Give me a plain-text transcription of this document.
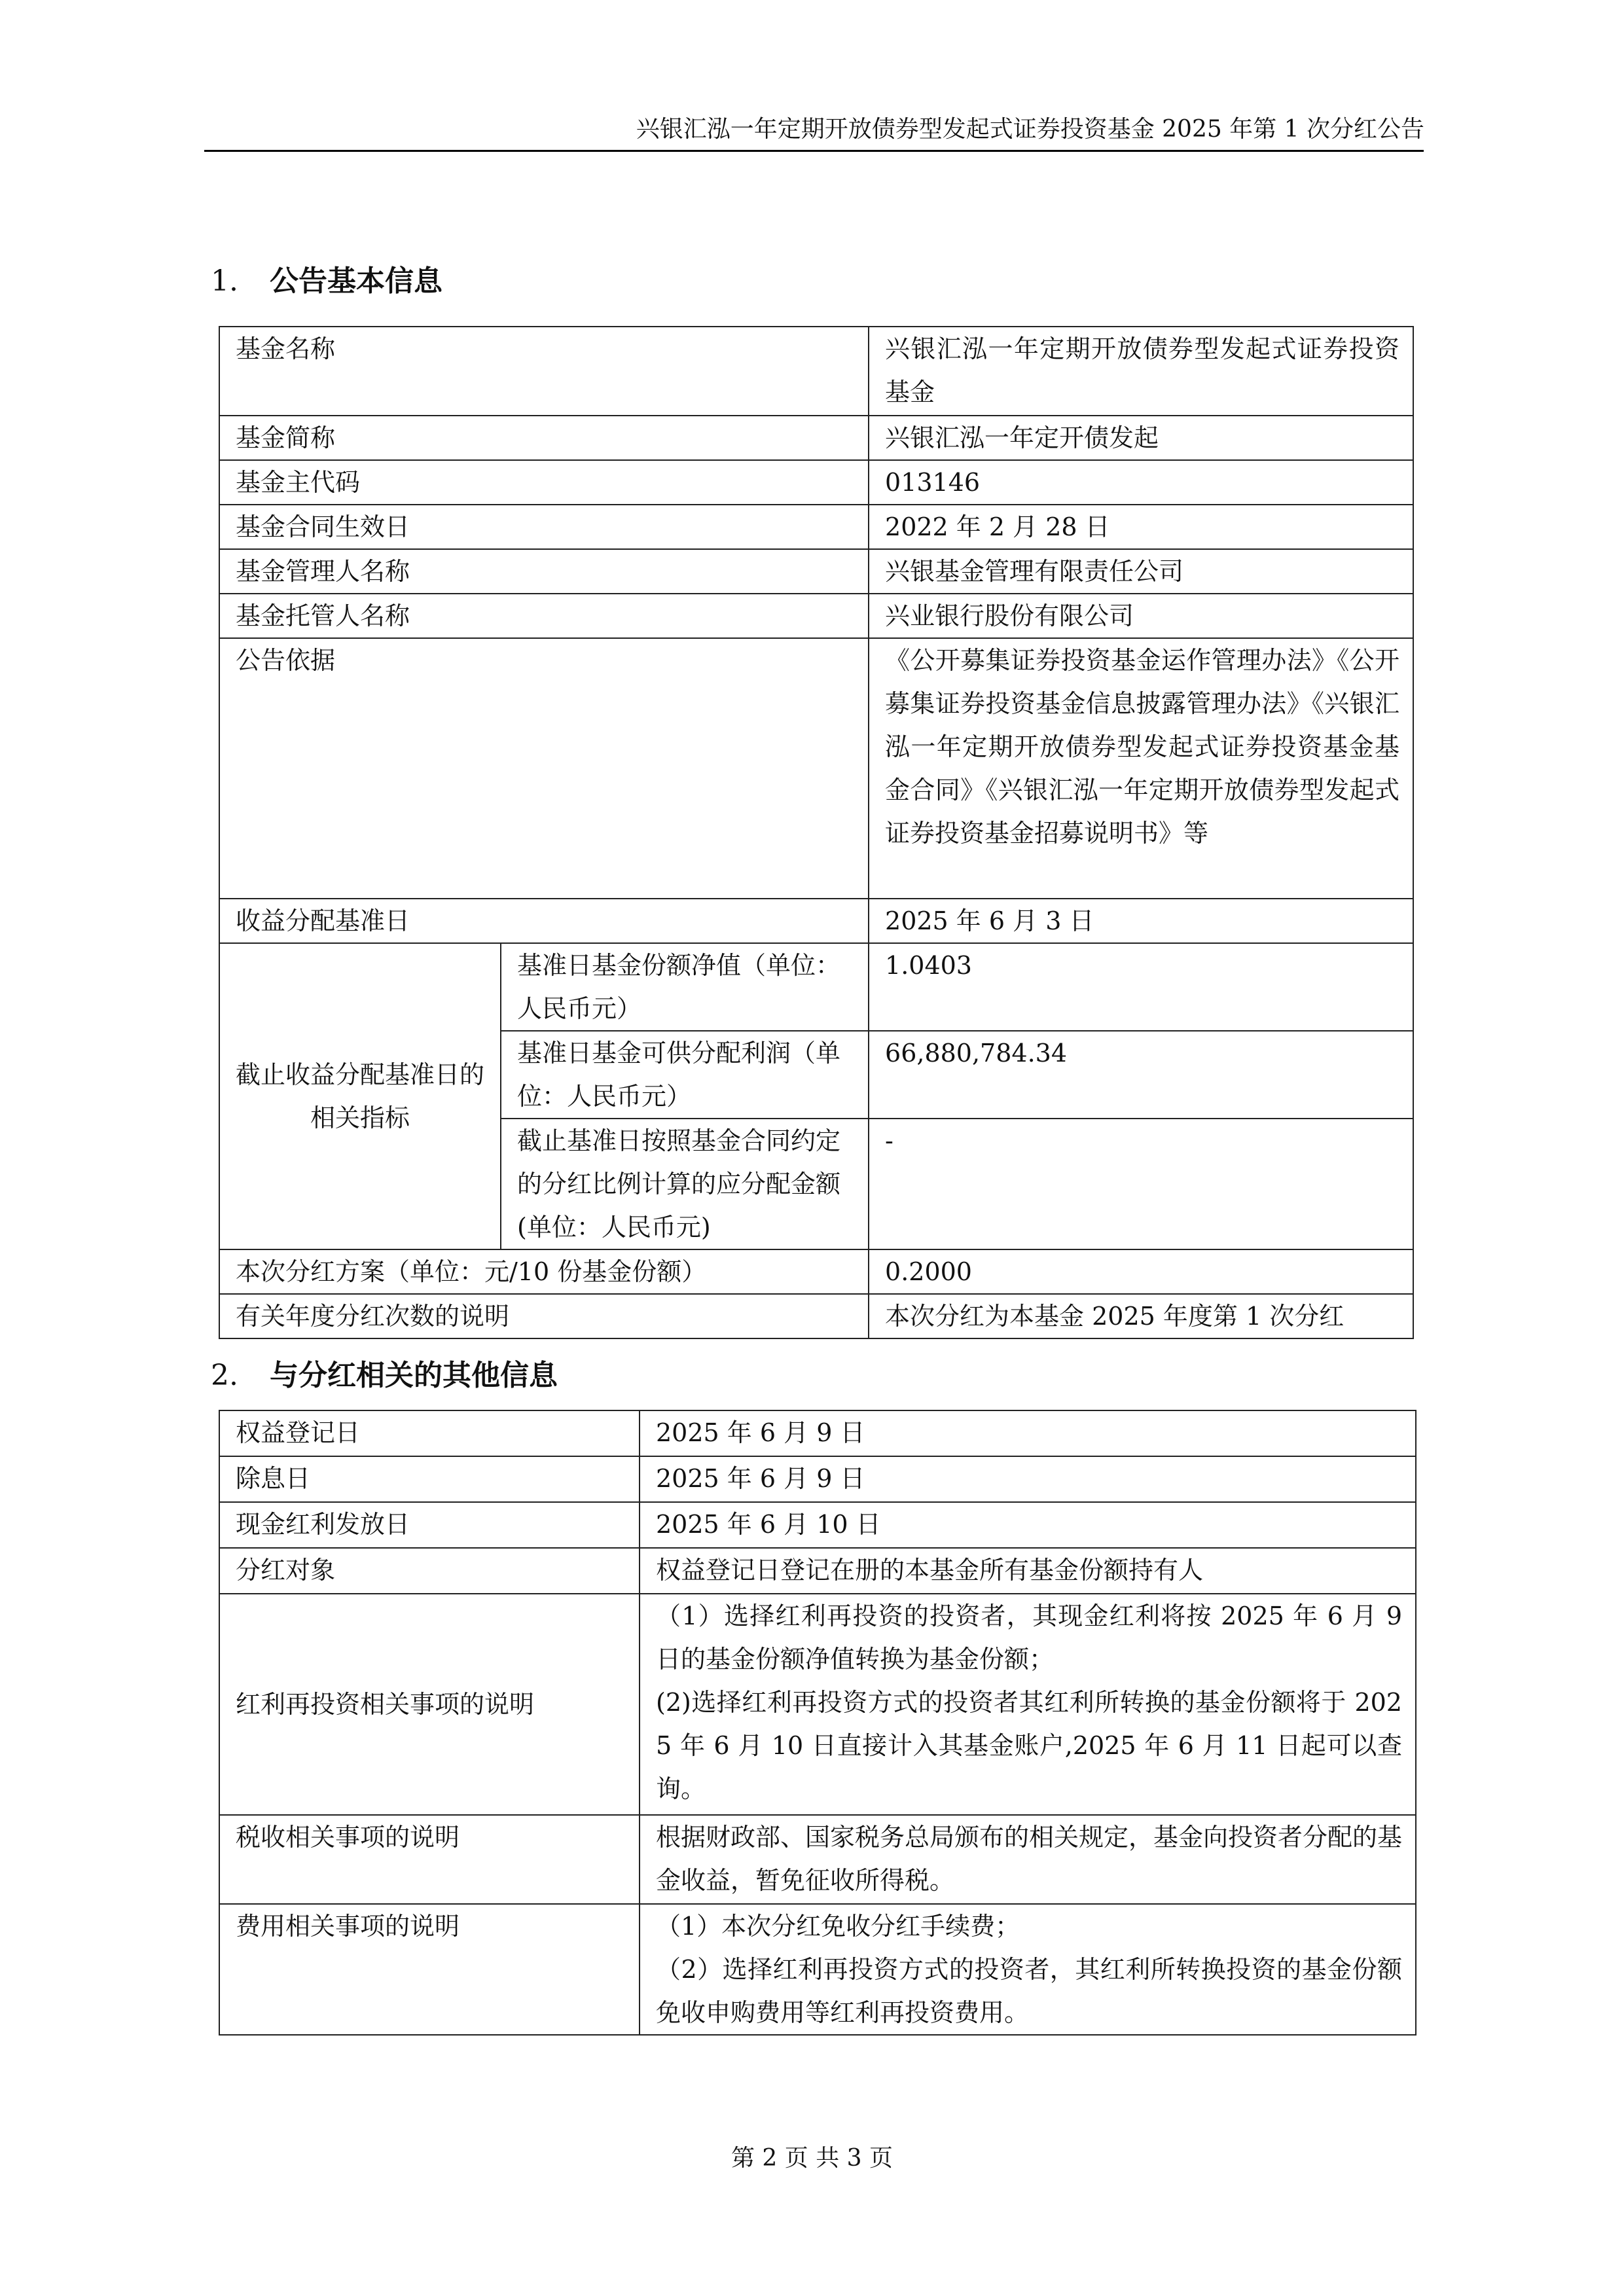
兴银汇泓一年定期开放债券型发起式证券投资基金 2025 年第 1 次分红公告
1. 公告基本信息
基金名称		兴银汇泓一年定期开放债券型发起式证券投资基金
基金简称		兴银汇泓一年定开债发起
基金主代码		013146
基金合同生效日		2022 年 2 月 28 日
基金管理人名称		兴银基金管理有限责任公司
基金托管人名称		兴业银行股份有限公司
公告依据		《公开募集证券投资基金运作管理办法》《公开募集证券投资基金信息披露管理办法》《兴银汇泓一年定期开放债券型发起式证券投资基金基金合同》《兴银汇泓一年定期开放债券型发起式证券投资基金招募说明书》等
收益分配基准日		2025 年 6 月 3 日
截止收益分配基准日的相关指标	基准日基金份额净值（单位：人民币元）	1.0403
	基准日基金可供分配利润（单位：人民币元）	66,880,784.34
	截止基准日按照基金合同约定的分红比例计算的应分配金额(单位：人民币元)	-
本次分红方案（单位：元/10 份基金份额）		0.2000
有关年度分红次数的说明		本次分红为本基金 2025 年度第 1 次分红
2. 与分红相关的其他信息
权益登记日	2025 年 6 月 9 日
除息日	2025 年 6 月 9 日
现金红利发放日	2025 年 6 月 10 日
分红对象	权益登记日登记在册的本基金所有基金份额持有人
红利再投资相关事项的说明	（1）选择红利再投资的投资者，其现金红利将按 2025 年 6 月 9 日的基金份额净值转换为基金份额；
(2)选择红利再投资方式的投资者其红利所转换的基金份额将于 2025 年 6 月 10 日直接计入其基金账户,2025 年 6 月 11 日起可以查询。

税收相关事项的说明	根据财政部、国家税务总局颁布的相关规定，基金向投资者分配的基金收益，暂免征收所得税。
费用相关事项的说明	（1）本次分红免收分红手续费；
（2）选择红利再投资方式的投资者，其红利所转换投资的基金份额免收申购费用等红利再投资费用。
第 2 页 共 3 页
